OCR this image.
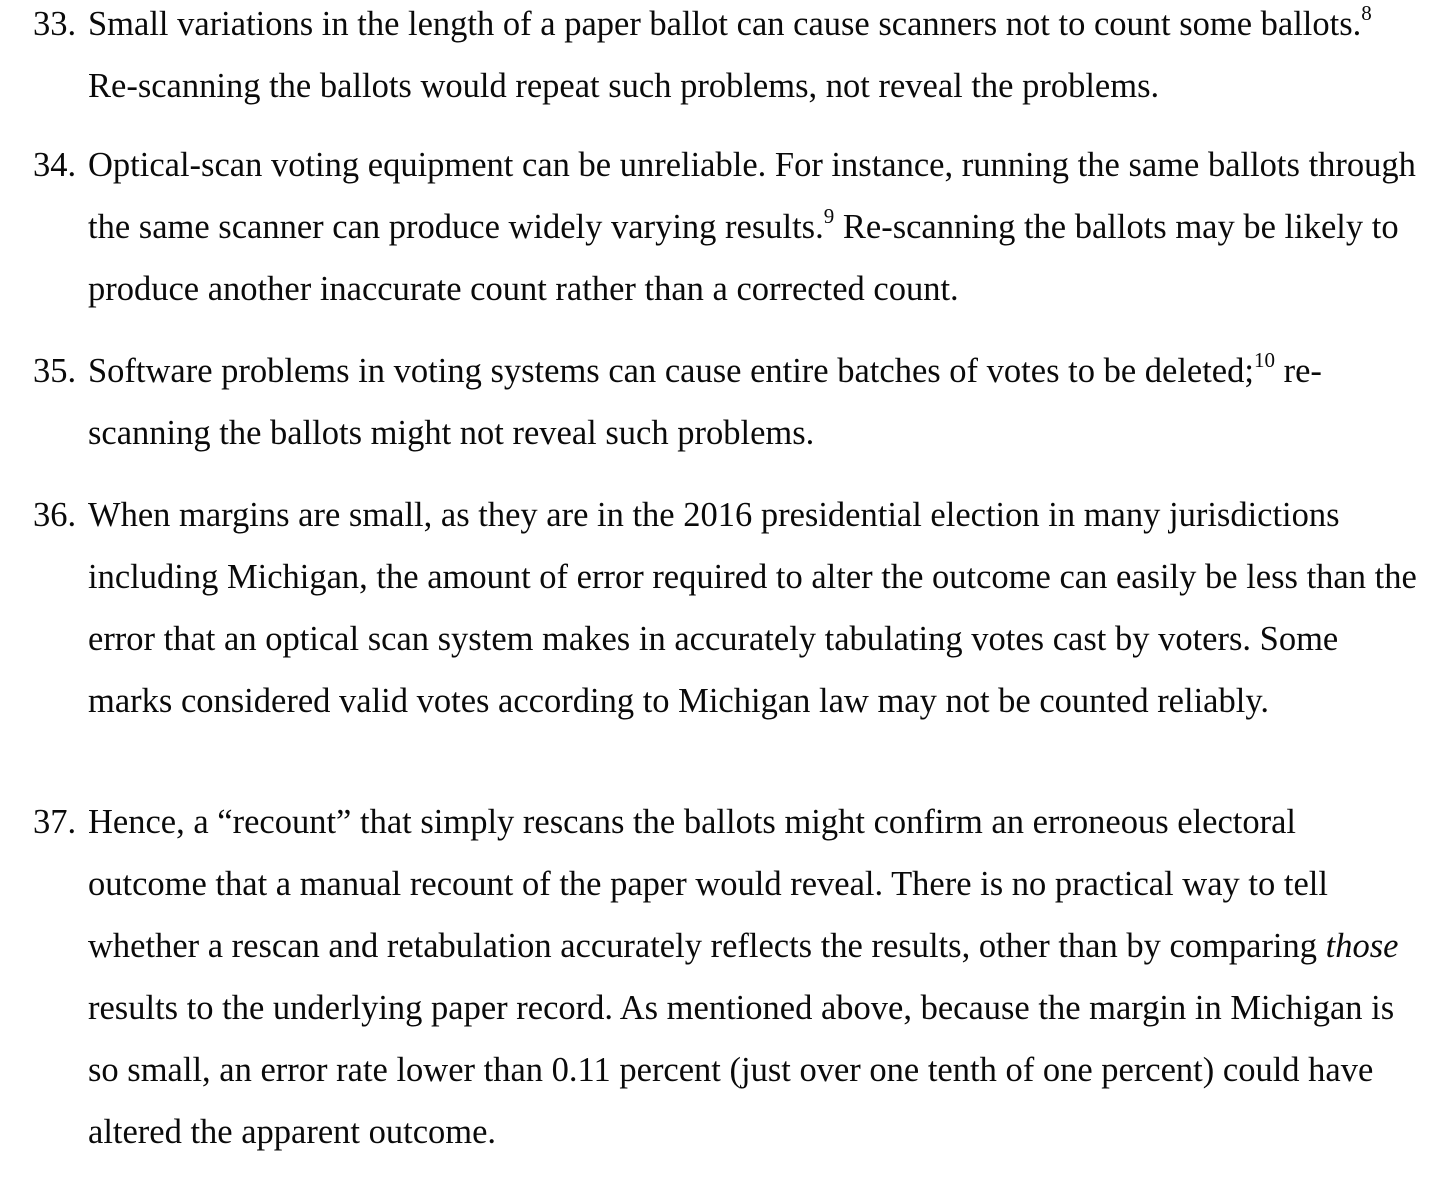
33. Small variations in the length of a paper ballot can cause scanners not to count some ballots.$^8$ Re-scanning the ballots would repeat such problems, not reveal the problems.

34. Optical-scan voting equipment can be unreliable. For instance, running the same ballots through the same scanner can produce widely varying results.$^9$ Re-scanning the ballots may be likely to produce another inaccurate count rather than a corrected count.

35. Software problems in voting systems can cause entire batches of votes to be deleted;$^{10}$ re-scanning the ballots might not reveal such problems.

36. When margins are small, as they are in the 2016 presidential election in many jurisdictions including Michigan, the amount of error required to alter the outcome can easily be less than the error that an optical scan system makes in accurately tabulating votes cast by voters. Some marks considered valid votes according to Michigan law may not be counted reliably.

37. Hence, a “recount” that simply rescans the ballots might confirm an erroneous electoral outcome that a manual recount of the paper would reveal. There is no practical way to tell whether a rescan and retabulation accurately reflects the results, other than by comparing those results to the underlying paper record. As mentioned above, because the margin in Michigan is so small, an error rate lower than 0.11 percent (just over one tenth of one percent) could have altered the apparent outcome.
